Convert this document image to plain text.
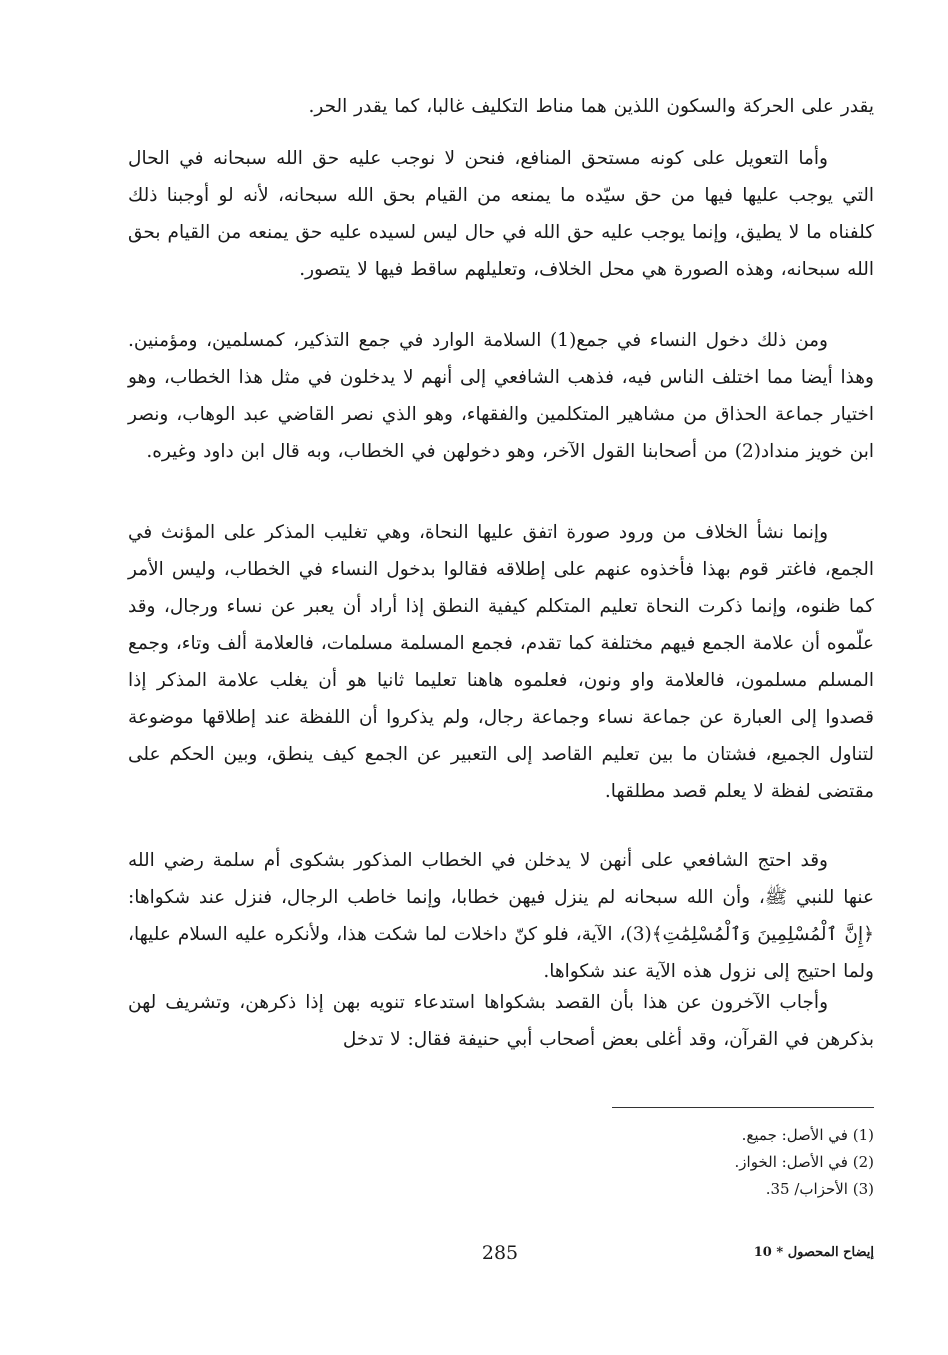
يقدر على الحركة والسكون اللذين هما مناط التكليف غالبا، كما يقدر الحر.

وأما التعويل على كونه مستحق المنافع، فنحن لا نوجب عليه حق الله سبحانه في الحال التي يوجب عليها فيها من حق سيّده ما يمنعه من القيام بحق الله سبحانه، لأنه لو أوجبنا ذلك كلفناه ما لا يطيق، وإنما يوجب عليه حق الله في حال ليس لسيده عليه حق يمنعه من القيام بحق الله سبحانه، وهذه الصورة هي محل الخلاف، وتعليلهم ساقط فيها لا يتصور.

ومن ذلك دخول النساء في جمع(1) السلامة الوارد في جمع التذكير، كمسلمين، ومؤمنين. وهذا أيضا مما اختلف الناس فيه، فذهب الشافعي إلى أنهم لا يدخلون في مثل هذا الخطاب، وهو اختيار جماعة الحذاق من مشاهير المتكلمين والفقهاء، وهو الذي نصر القاضي عبد الوهاب، ونصر ابن خويز منداد(2) من أصحابنا القول الآخر، وهو دخولهن في الخطاب، وبه قال ابن داود وغيره.

وإنما نشأ الخلاف من ورود صورة اتفق عليها النحاة، وهي تغليب المذكر على المؤنث في الجمع، فاغتر قوم بهذا فأخذوه عنهم على إطلاقه فقالوا بدخول النساء في الخطاب، وليس الأمر كما ظنوه، وإنما ذكرت النحاة تعليم المتكلم كيفية النطق إذا أراد أن يعبر عن نساء ورجال، وقد علّموه أن علامة الجمع فيهم مختلفة كما تقدم، فجمع المسلمة مسلمات، فالعلامة ألف وتاء، وجمع المسلم مسلمون، فالعلامة واو ونون، فعلموه هاهنا تعليما ثانيا هو أن يغلب علامة المذكر إذا قصدوا إلى العبارة عن جماعة نساء وجماعة رجال، ولم يذكروا أن اللفظة عند إطلاقها موضوعة لتناول الجميع، فشتان ما بين تعليم القاصد إلى التعبير عن الجمع كيف ينطق، وبين الحكم على مقتضى لفظة لا يعلم قصد مطلقها.

وقد احتج الشافعي على أنهن لا يدخلن في الخطاب المذكور بشكوى أم سلمة رضي الله عنها للنبي ﷺ، وأن الله سبحانه لم ينزل فيهن خطابا، وإنما خاطب الرجال، فنزل عند شكواها: ﴿إِنَّ ٱلْمُسْلِمِينَ وَٱلْمُسْلِمَٰتِ﴾(3)، الآية، فلو كنّ داخلات لما شكت هذا، ولأنكره عليه السلام عليها، ولما احتيج إلى نزول هذه الآية عند شكواها.

وأجاب الآخرون عن هذا بأن القصد بشكواها استدعاء تنويه بهن إذا ذكرهن، وتشريف لهن بذكرهن في القرآن، وقد أغلى بعض أصحاب أبي حنيفة فقال: لا تدخل

(1) في الأصل: جميع.
(2) في الأصل: الخواز.
(3) الأحزاب/ 35.
285	إيضاح المحصول * 10
